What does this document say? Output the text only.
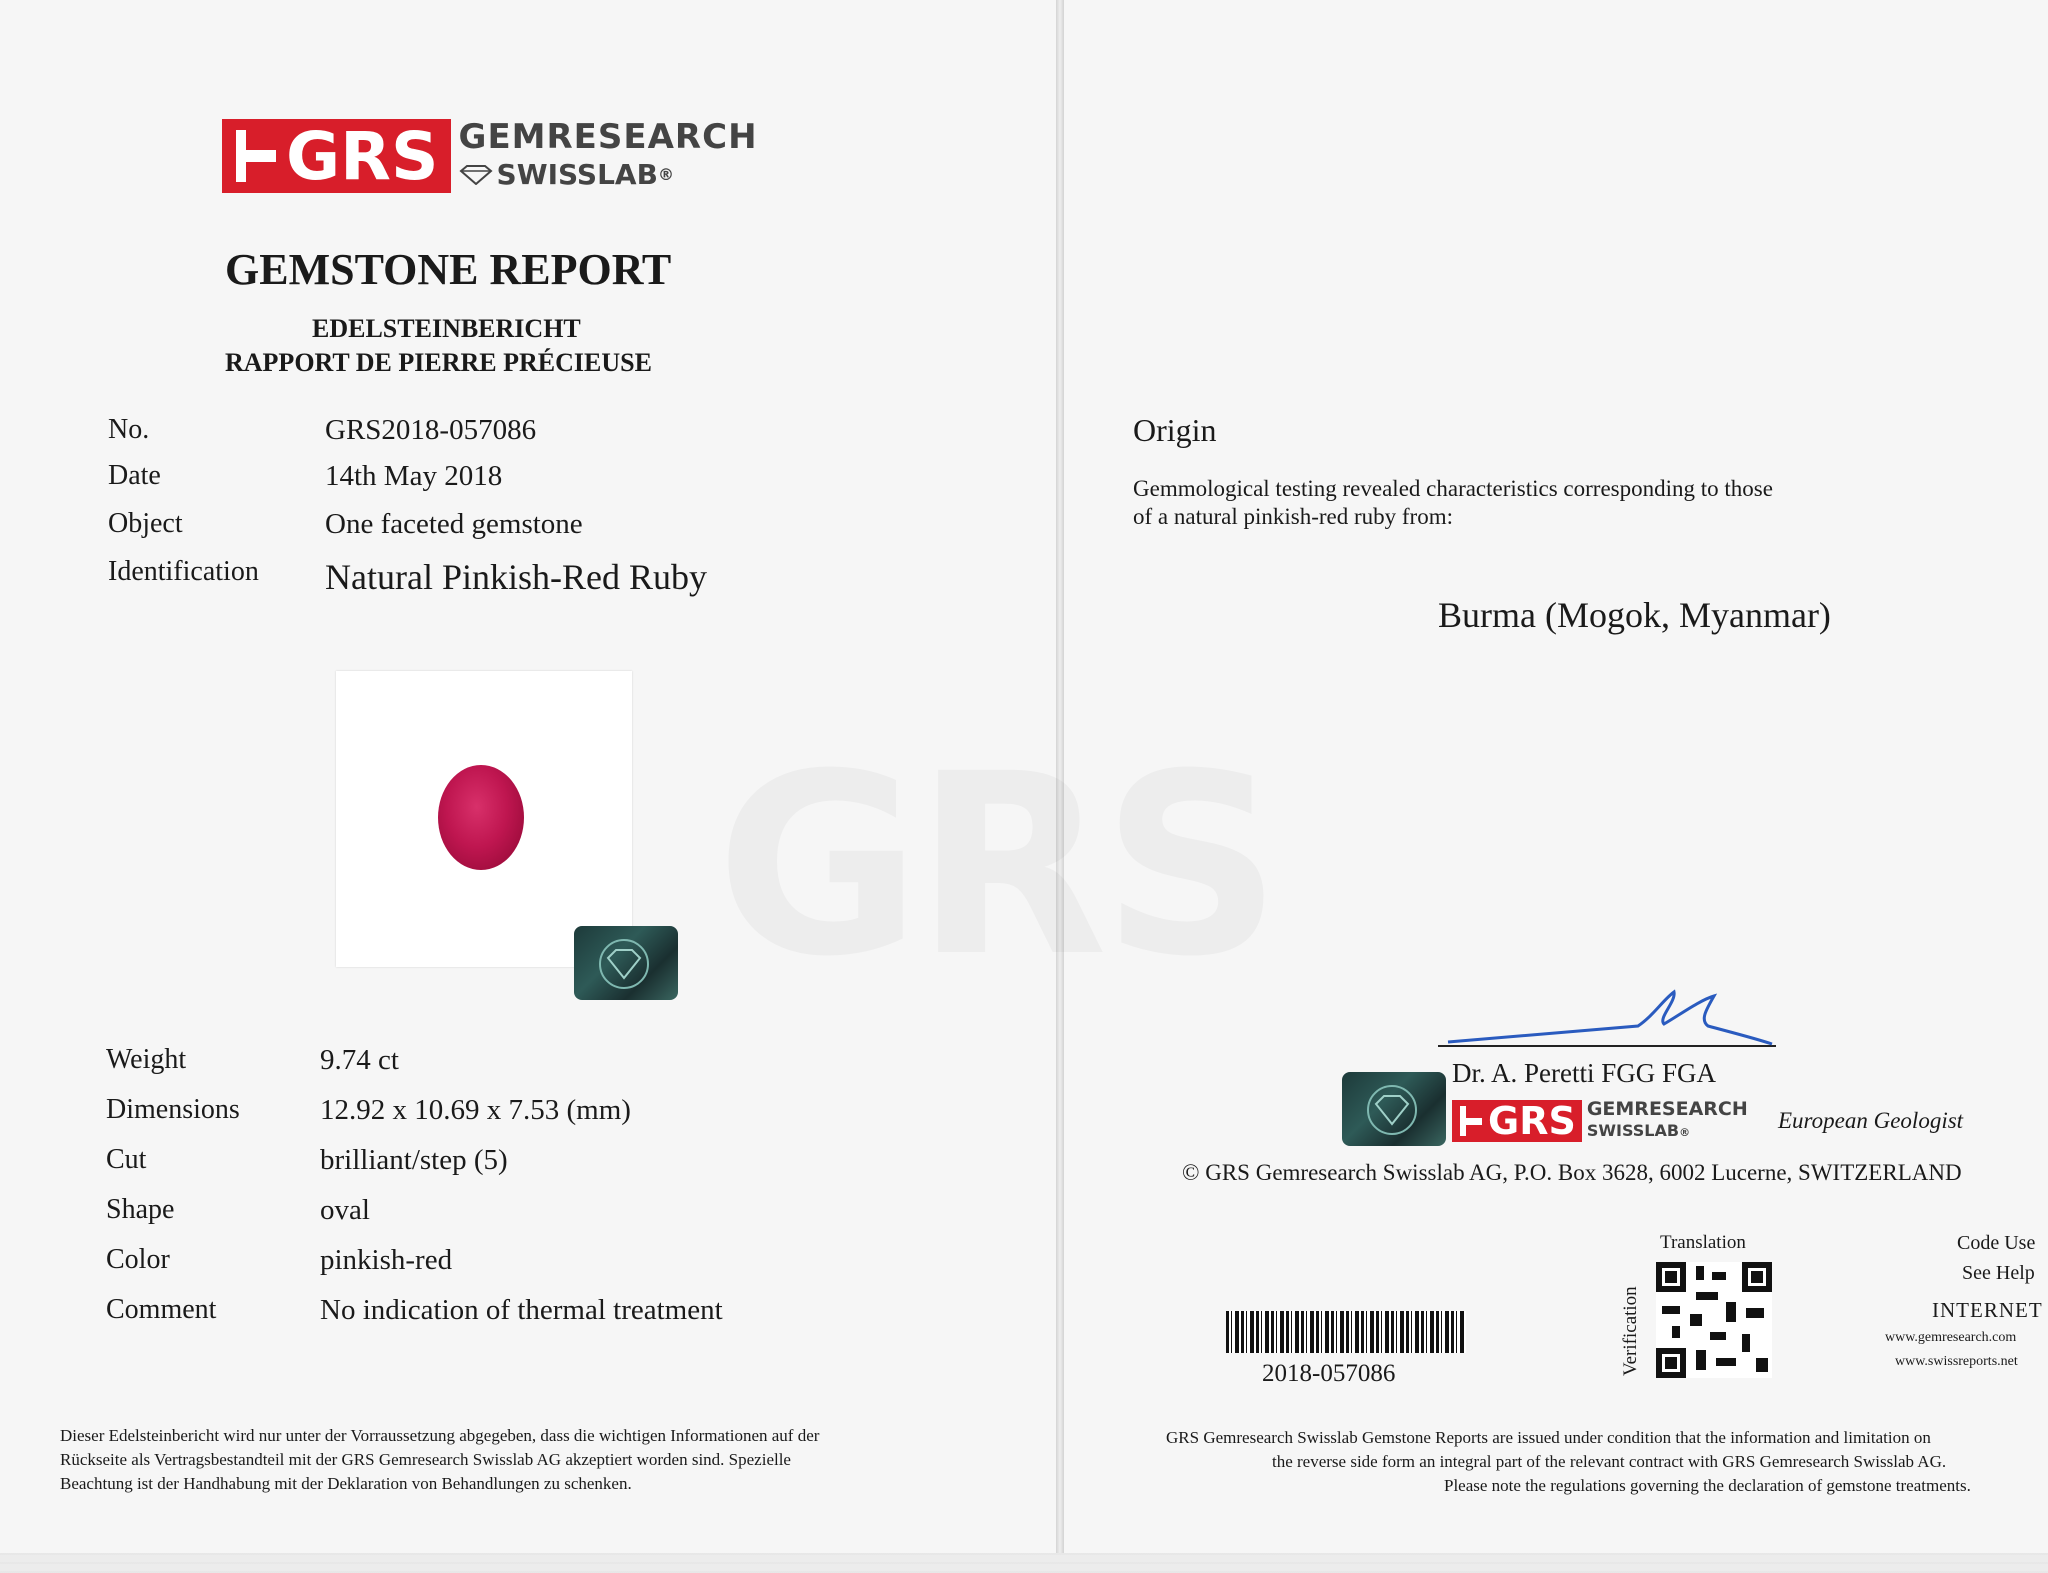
GRS GEMRESEARCH
SWISSLAB ®
GEMSTONE REPORT
EDELSTEINBERICHT
RAPPORT DE PIERRE PRÉCIEUSE
No.	GRS2018-057086
Date	14th May 2018
Object	One faceted gemstone
Identification Natural Pinkish-Red Ruby
Weight	9.74 ct
Dimensions	12.92 x 10.69 x 7.53 (mm)
Cut	brilliant/step (5)
Shape	oval
Color	pinkish-red
Comment	No indication of thermal treatment
Dieser Edelsteinbericht wird nur unter der Vorraussetzung abgegeben, dass die wichtigen Informationen auf der
Rückseite als Vertragsbestandteil mit der GRS Gemresearch Swisslab AG akzeptiert worden sind. Spezielle
Beachtung ist der Handhabung mit der Deklaration von Behandlungen zu schenken.
Origin
Gemmological testing revealed characteristics corresponding to those
of a natural pinkish-red ruby from:
Burma (Mogok, Myanmar)
Dr. A. Peretti FGG FGA
GRS GEMRESEARCH
SWISSLAB®	European Geologist
© GRS Gemresearch Swisslab AG, P.O. Box 3628, 6002 Lucerne, SWITZERLAND
Translation
Verification
2018-057086
Code Use
See Help
INTERNET
www.gemresearch.com
www.swissreports.net
GRS Gemresearch Swisslab Gemstone Reports are issued under condition that the information and limitation on
the reverse side form an integral part of the relevant contract with GRS Gemresearch Swisslab AG.
Please note the regulations governing the declaration of gemstone treatments.
